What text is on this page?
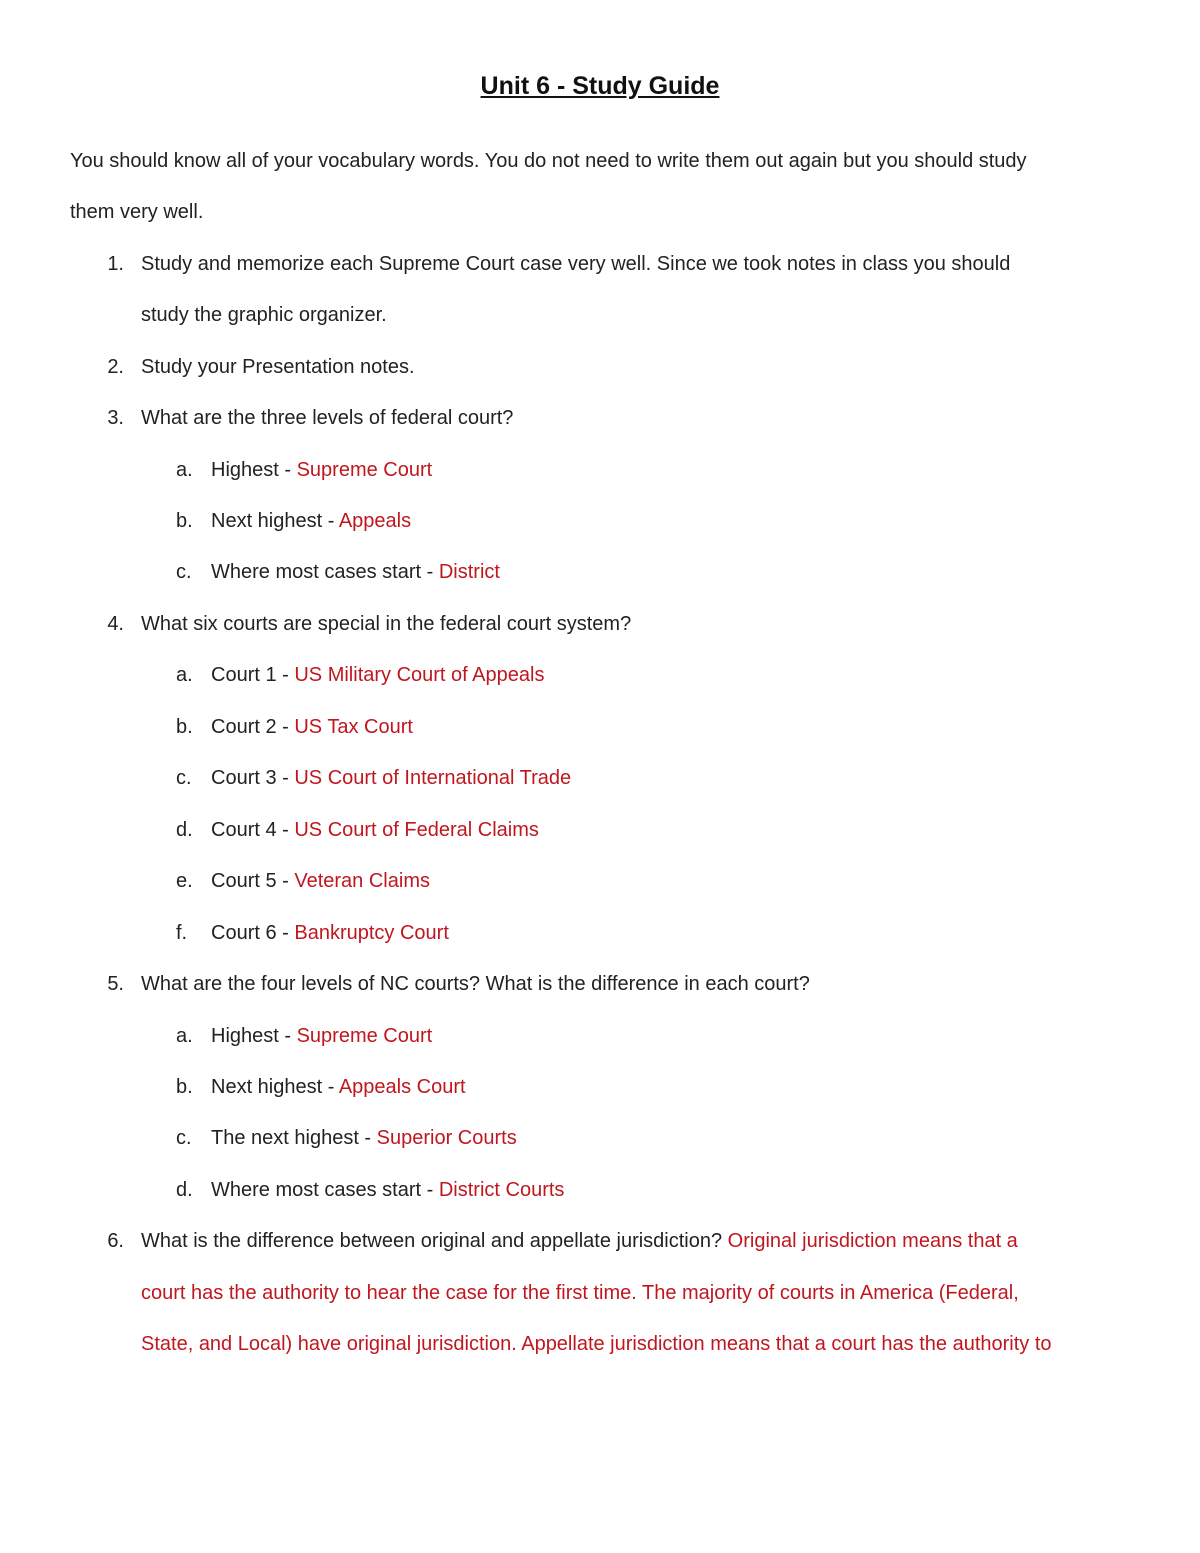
Unit 6 - Study Guide
You should know all of your vocabulary words. You do not need to write them out again but you should study
them very well.
1. Study and memorize each Supreme Court case very well. Since we took notes in class you should
study the graphic organizer.
2. Study your Presentation notes.
3. What are the three levels of federal court?
a. Highest - Supreme Court
b. Next highest - Appeals
c. Where most cases start - District
4. What six courts are special in the federal court system?
a. Court 1 - US Military Court of Appeals
b. Court 2 - US Tax Court
c. Court 3 - US Court of International Trade
d. Court 4 - US Court of Federal Claims
e. Court 5 - Veteran Claims
f. Court 6 - Bankruptcy Court
5. What are the four levels of NC courts? What is the difference in each court?
a. Highest - Supreme Court
b. Next highest - Appeals Court
c. The next highest - Superior Courts
d. Where most cases start - District Courts
6. What is the difference between original and appellate jurisdiction? Original jurisdiction means that a
court has the authority to hear the case for the first time. The majority of courts in America (Federal,
State, and Local) have original jurisdiction. Appellate jurisdiction means that a court has the authority to
